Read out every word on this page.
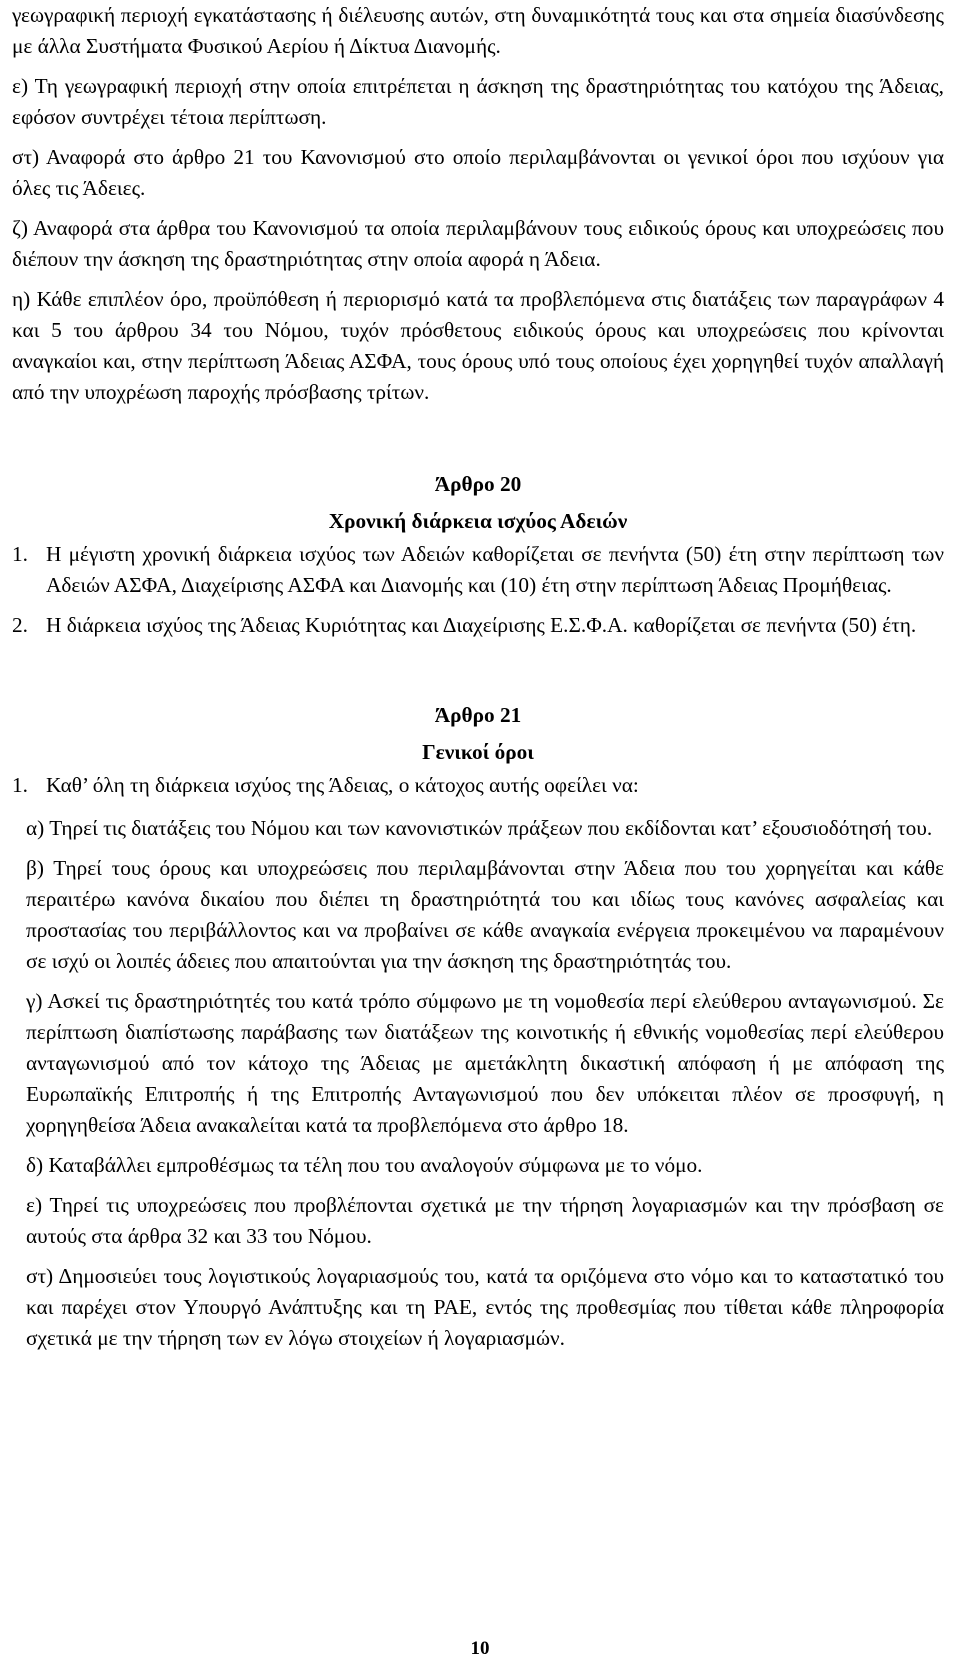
γεωγραφική περιοχή εγκατάστασης ή διέλευσης αυτών, στη δυναμικότητά τους και στα σημεία διασύνδεσης με άλλα Συστήματα Φυσικού Αερίου ή Δίκτυα Διανομής.
ε) Τη γεωγραφική περιοχή στην οποία επιτρέπεται η άσκηση της δραστηριότητας του κατόχου της Άδειας, εφόσον συντρέχει τέτοια περίπτωση.
στ) Αναφορά στο άρθρο 21 του Κανονισμού στο οποίο περιλαμβάνονται οι γενικοί όροι που ισχύουν για όλες τις Άδειες.
ζ) Αναφορά στα άρθρα του Κανονισμού τα οποία περιλαμβάνουν τους ειδικούς όρους και υποχρεώσεις που διέπουν την άσκηση της δραστηριότητας στην οποία αφορά η Άδεια.
η) Κάθε επιπλέον όρο, προϋπόθεση ή περιορισμό κατά τα προβλεπόμενα στις διατάξεις των παραγράφων 4 και 5 του άρθρου 34 του Νόμου, τυχόν πρόσθετους ειδικούς όρους και υποχρεώσεις που κρίνονται αναγκαίοι και, στην περίπτωση Άδειας ΑΣΦΑ, τους όρους υπό τους οποίους έχει χορηγηθεί τυχόν απαλλαγή από την υποχρέωση παροχής πρόσβασης τρίτων.
Άρθρο 20
Χρονική διάρκεια ισχύος Αδειών
1. Η μέγιστη χρονική διάρκεια ισχύος των Αδειών καθορίζεται σε πενήντα (50) έτη στην περίπτωση των Αδειών ΑΣΦΑ, Διαχείρισης ΑΣΦΑ και Διανομής και (10) έτη στην περίπτωση Άδειας Προμήθειας.
2. Η διάρκεια ισχύος της Άδειας Κυριότητας και Διαχείρισης Ε.Σ.Φ.Α. καθορίζεται σε πενήντα (50) έτη.
Άρθρο 21
Γενικοί όροι
1. Καθ’ όλη τη διάρκεια ισχύος της Άδειας, ο κάτοχος αυτής οφείλει να:
α) Τηρεί τις διατάξεις του Νόμου και των κανονιστικών πράξεων που εκδίδονται κατ’ εξουσιοδότησή του.
β) Τηρεί τους όρους και υποχρεώσεις που περιλαμβάνονται στην Άδεια που του χορηγείται και κάθε περαιτέρω κανόνα δικαίου που διέπει τη δραστηριότητά του και ιδίως τους κανόνες ασφαλείας και προστασίας του περιβάλλοντος και να προβαίνει σε κάθε αναγκαία ενέργεια προκειμένου να παραμένουν σε ισχύ οι λοιπές άδειες που απαιτούνται για την άσκηση της δραστηριότητάς του.
γ) Ασκεί τις δραστηριότητές του κατά τρόπο σύμφωνο με τη νομοθεσία περί ελεύθερου ανταγωνισμού. Σε περίπτωση διαπίστωσης παράβασης των διατάξεων της κοινοτικής ή εθνικής νομοθεσίας περί ελεύθερου ανταγωνισμού από τον κάτοχο της Άδειας με αμετάκλητη δικαστική απόφαση ή με απόφαση της Ευρωπαϊκής Επιτροπής ή της Επιτροπής Ανταγωνισμού που δεν υπόκειται πλέον σε προσφυγή, η χορηγηθείσα Άδεια ανακαλείται κατά τα προβλεπόμενα στο άρθρο 18.
δ) Καταβάλλει εμπροθέσμως τα τέλη που του αναλογούν σύμφωνα με το νόμο.
ε) Τηρεί τις υποχρεώσεις που προβλέπονται σχετικά με την τήρηση λογαριασμών και την πρόσβαση σε αυτούς στα άρθρα 32 και 33 του Νόμου.
στ) Δημοσιεύει τους λογιστικούς λογαριασμούς του, κατά τα οριζόμενα στο νόμο και το καταστατικό του και παρέχει στον Υπουργό Ανάπτυξης και τη ΡΑΕ, εντός της προθεσμίας που τίθεται κάθε πληροφορία σχετικά με την τήρηση των εν λόγω στοιχείων ή λογαριασμών.
10
